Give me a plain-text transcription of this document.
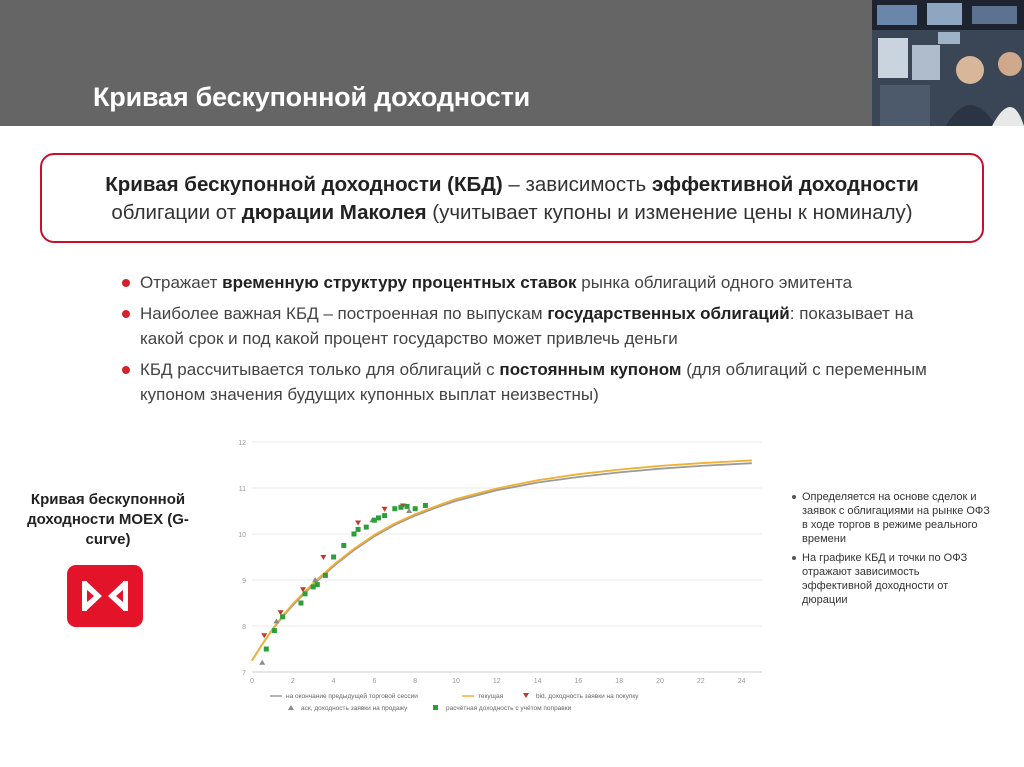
Кривая бескупонной доходности
Кривая бескупонной доходности (КБД) – зависимость эффективной доходности
облигации от дюрации Маколея (учитывает купоны и изменение цены к номиналу)
Отражает временную структуру процентных ставок рынка облигаций одного эмитента
Наиболее важная КБД – построенная по выпускам государственных облигаций: показывает на какой срок и под какой процент государство может привлечь деньги
КБД рассчитывается только для облигаций с постоянным купоном (для облигаций с переменным купоном значения будущих купонных выплат неизвестны)
Кривая бескупонной доходности MOEX (G-curve)
7
8
9
10
11
12
0	2	4	6	8	10	12	14	16	18	20	22	24
на окончание предыдущей торговой сессии	текущая	bid, доходность заявки на покупку
аск, доходность заявки на продажу	расчётная доходность с учётом поправки
Определяется на основе сделок и заявок с облигациями на рынке ОФЗ в ходе торгов в режиме реального времени
На графике КБД и точки по ОФЗ отражают зависимость эффективной доходности от дюрации
